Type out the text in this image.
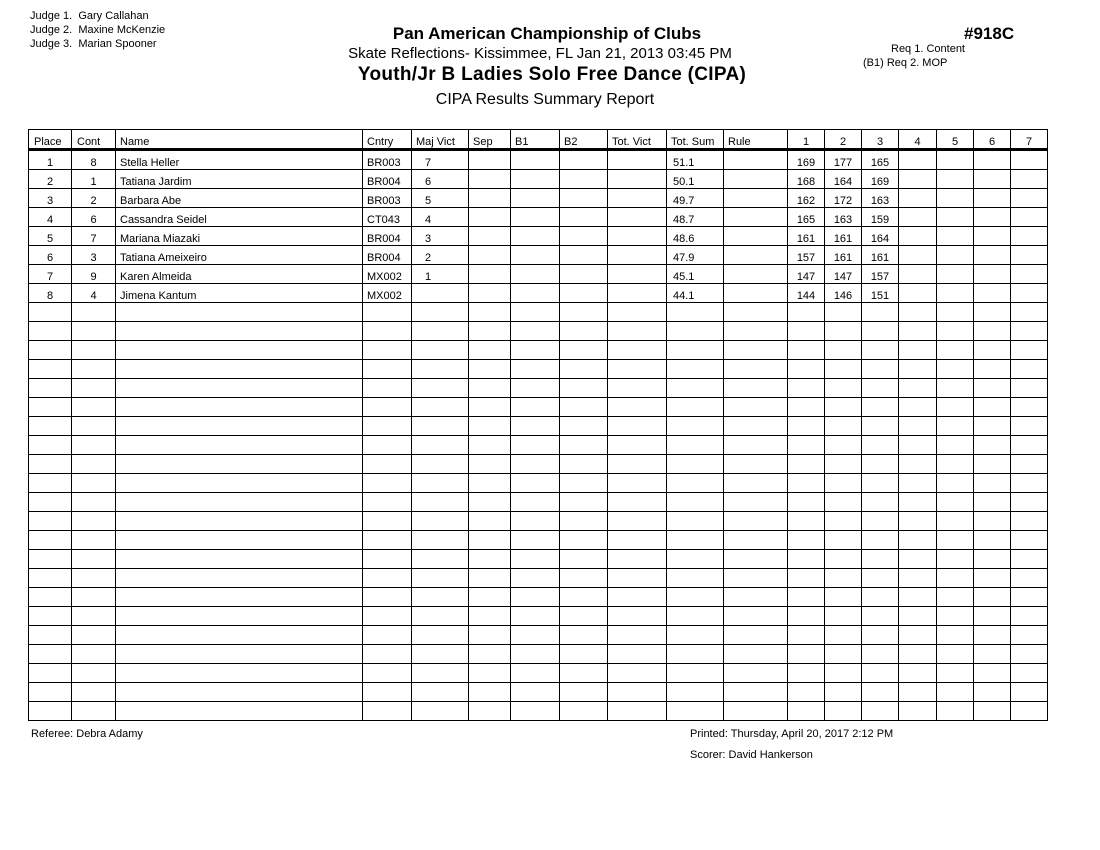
Judge 1. Gary Callahan
Judge 2. Maxine McKenzie
Judge 3. Marian Spooner
Pan American Championship of Clubs
Skate Reflections- Kissimmee, FL Jan 21, 2013 03:45 PM
Youth/Jr B Ladies Solo Free Dance (CIPA)
CIPA Results Summary Report
#918C
Req 1. Content
(B1) Req 2. MOP
Place	Cont	Name	Cntry	Maj Vict	Sep	B1	B2	Tot. Vict	Tot. Sum	Rule	1	2	3	4	5	6	7
1	8	Stella Heller	BR003	7					51.1		169	177	165				
2	1	Tatiana Jardim	BR004	6					50.1		168	164	169				
3	2	Barbara Abe	BR003	5					49.7		162	172	163				
4	6	Cassandra Seidel	CT043	4					48.7		165	163	159				
5	7	Mariana Miazaki	BR004	3					48.6		161	161	164				
6	3	Tatiana Ameixeiro	BR004	2					47.9		157	161	161				
7	9	Karen Almeida	MX002	1					45.1		147	147	157				
8	4	Jimena Kantum	MX002						44.1		144	146	151				

Referee: Debra Adamy	Printed: Thursday, April 20, 2017 2:12 PM
Scorer: David Hankerson
